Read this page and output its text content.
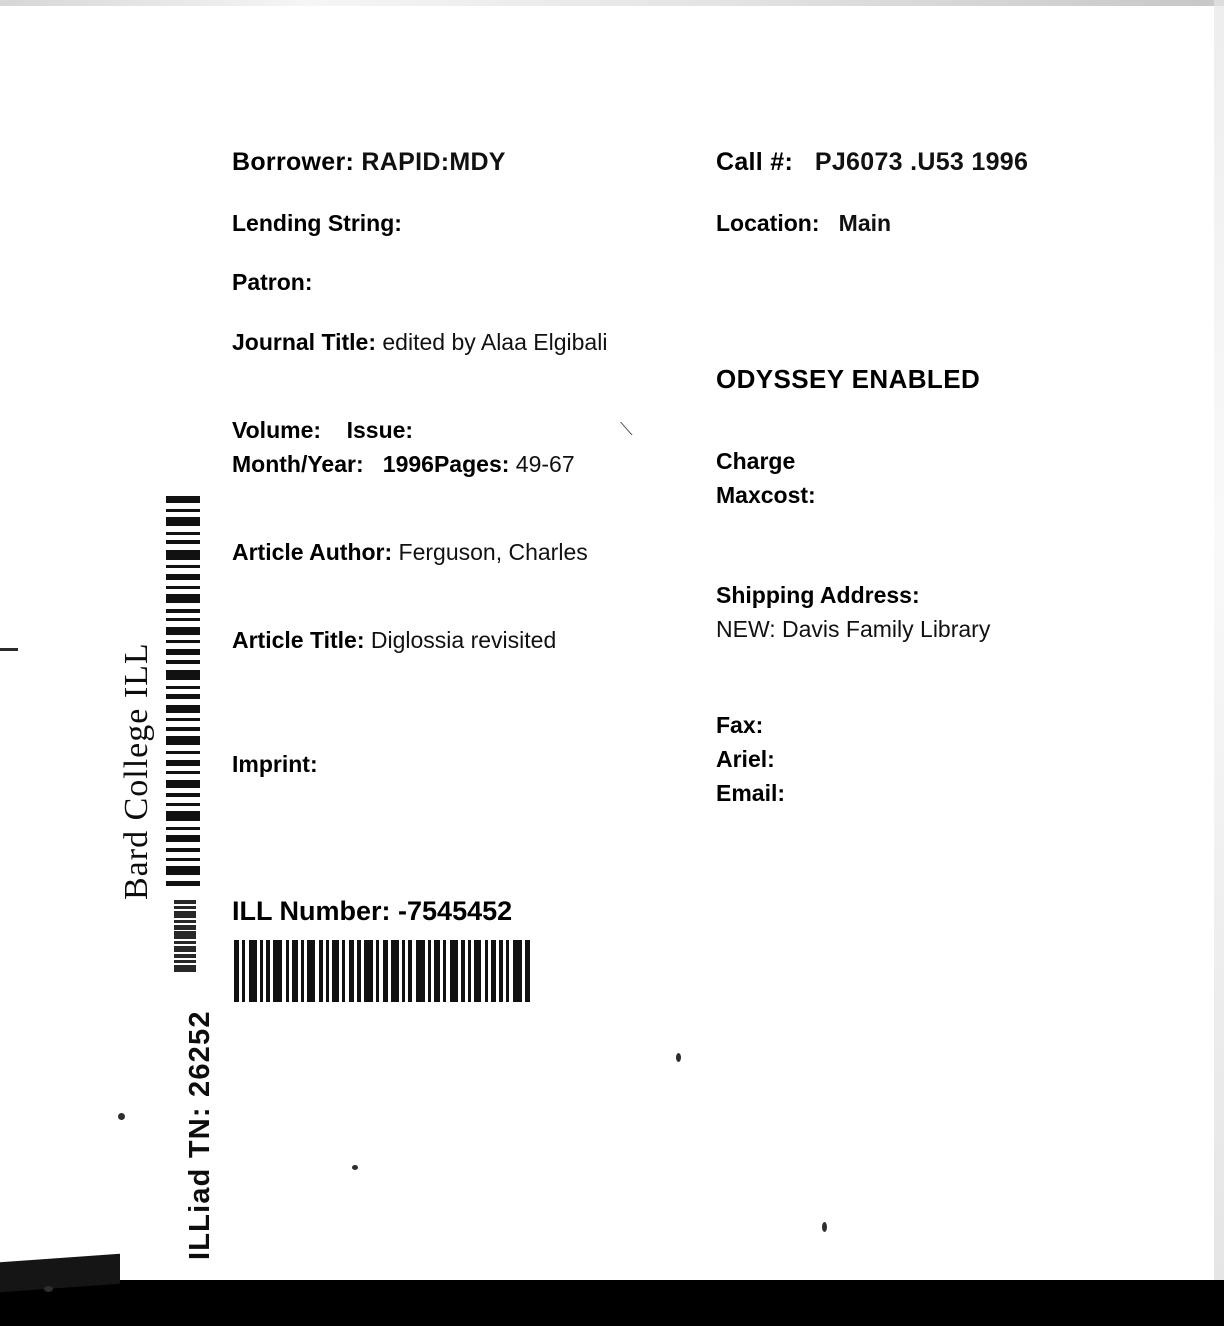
Bard College ILL
ILLiad TN: 26252
Borrower: RAPID:MDY
Lending String:
Patron:
Journal Title: edited by Alaa Elgibali
⟍
Volume: Issue:
Month/Year: 1996Pages: 49-67
Article Author: Ferguson, Charles
Article Title: Diglossia revisited
Imprint:
ILL Number: -7545452
Call #: PJ6073 .U53 1996
Location: Main
ODYSSEY ENABLED
Charge
Maxcost:
Shipping Address:
NEW: Davis Family Library
Fax:
Ariel:
Email:
